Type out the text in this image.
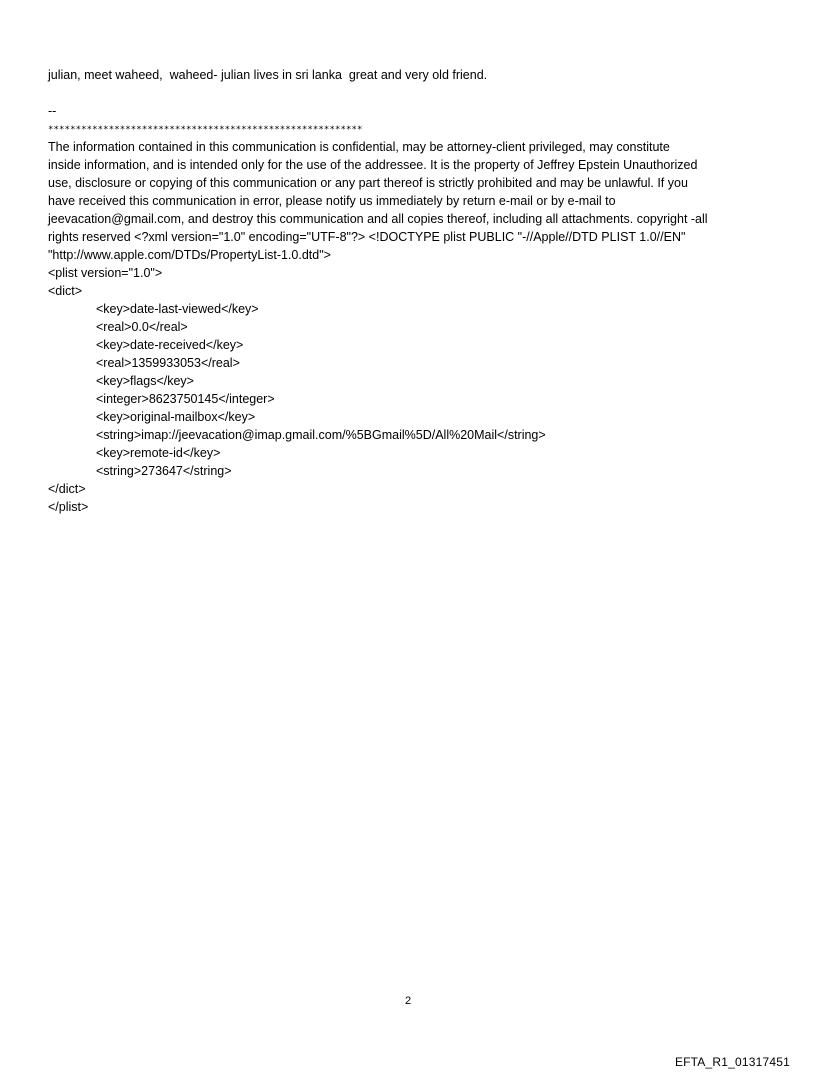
julian, meet waheed,  waheed- julian lives in sri lanka  great and very old friend.
--
*********************************************************
The information contained in this communication is confidential, may be attorney-client privileged, may constitute
inside information, and is intended only for the use of the addressee. It is the property of Jeffrey Epstein Unauthorized
use, disclosure or copying of this communication or any part thereof is strictly prohibited and may be unlawful. If you
have received this communication in error, please notify us immediately by return e-mail or by e-mail to
jeevacation@gmail.com, and destroy this communication and all copies thereof, including all attachments. copyright -all
rights reserved <?xml version="1.0" encoding="UTF-8"?> <!DOCTYPE plist PUBLIC "-//Apple//DTD PLIST 1.0//EN"
"http://www.apple.com/DTDs/PropertyList-1.0.dtd">
<plist version="1.0">
<dict>
<key>date-last-viewed</key>
<real>0.0</real>
<key>date-received</key>
<real>1359933053</real>
<key>flags</key>
<integer>8623750145</integer>
<key>original-mailbox</key>
<string>imap://jeevacation@imap.gmail.com/%5BGmail%5D/All%20Mail</string>
<key>remote-id</key>
<string>273647</string>
</dict>
</plist>
2
EFTA_R1_01317451
